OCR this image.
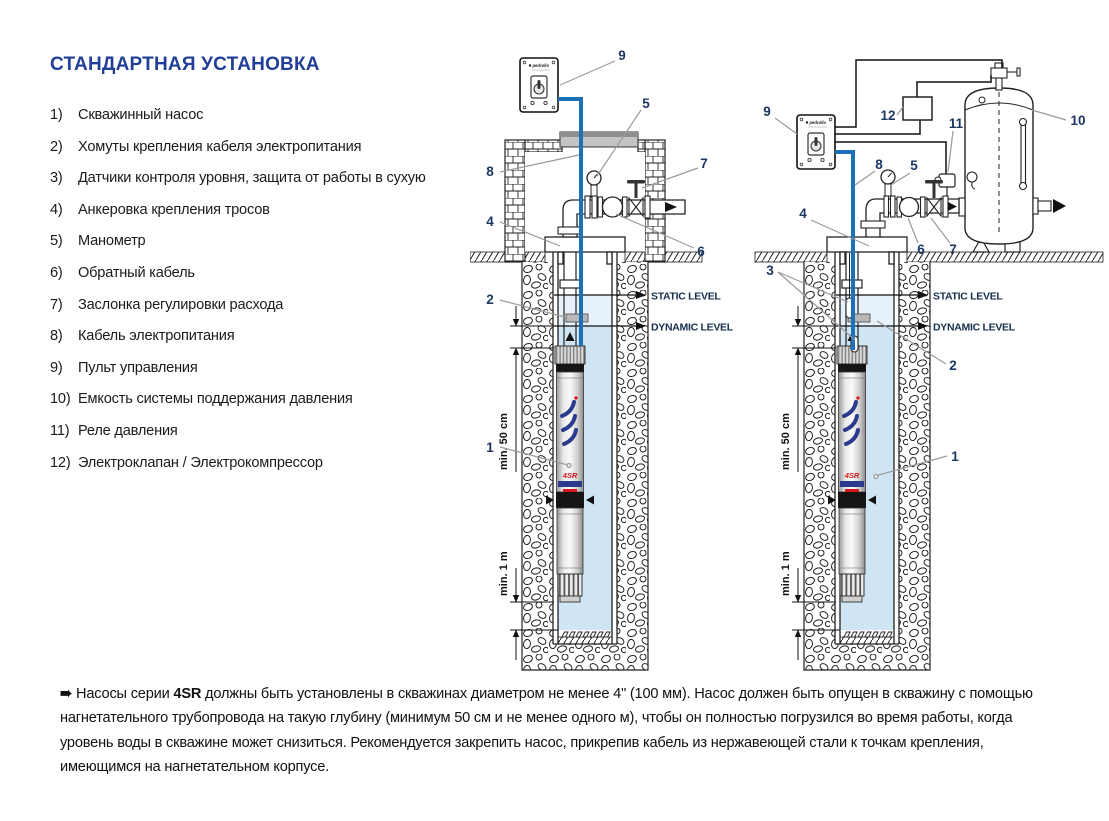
СТАНДАРТНАЯ УСТАНОВКА
1)	Скважинный насос
2)	Хомуты крепления кабеля электропитания
3)	Датчики контроля уровня, защита от работы в сухую
4)	Анкеровка крепления тросов
5)	Манометр
6)	Обратный кабель
7)	Заслонка регулировки расхода
8)	Кабель электропитания
9)	Пульт управления
10) Емкость системы поддержания давления
11) Реле давления
12) Электроклапан / Электрокомпрессор
4SR
STATIC LEVEL
DYNAMIC LEVEL
min. 50 cm
min. 1 m
pedrollo
9
5
7
8
4
6
2
1
pedrollo
4SR
STATIC LEVEL
DYNAMIC LEVEL
min. 50 cm
min. 1 m
9	12
11	10
8 5
4
6 7
3
2
1
➠ Насосы серии 4SR должны быть установлены в скважинах диаметром не менее 4" (100 мм). Насос должен быть опущен в скважину с помощью нагнетательного трубопровода на такую глубину (минимум 50 см и не менее одного м), чтобы он полностью погрузился во время работы, когда уровень воды в скважине может снизиться. Рекомендуется закрепить насос, прикрепив кабель из нержавеющей стали к точкам крепления, имеющимся на нагнетательном корпусе.
